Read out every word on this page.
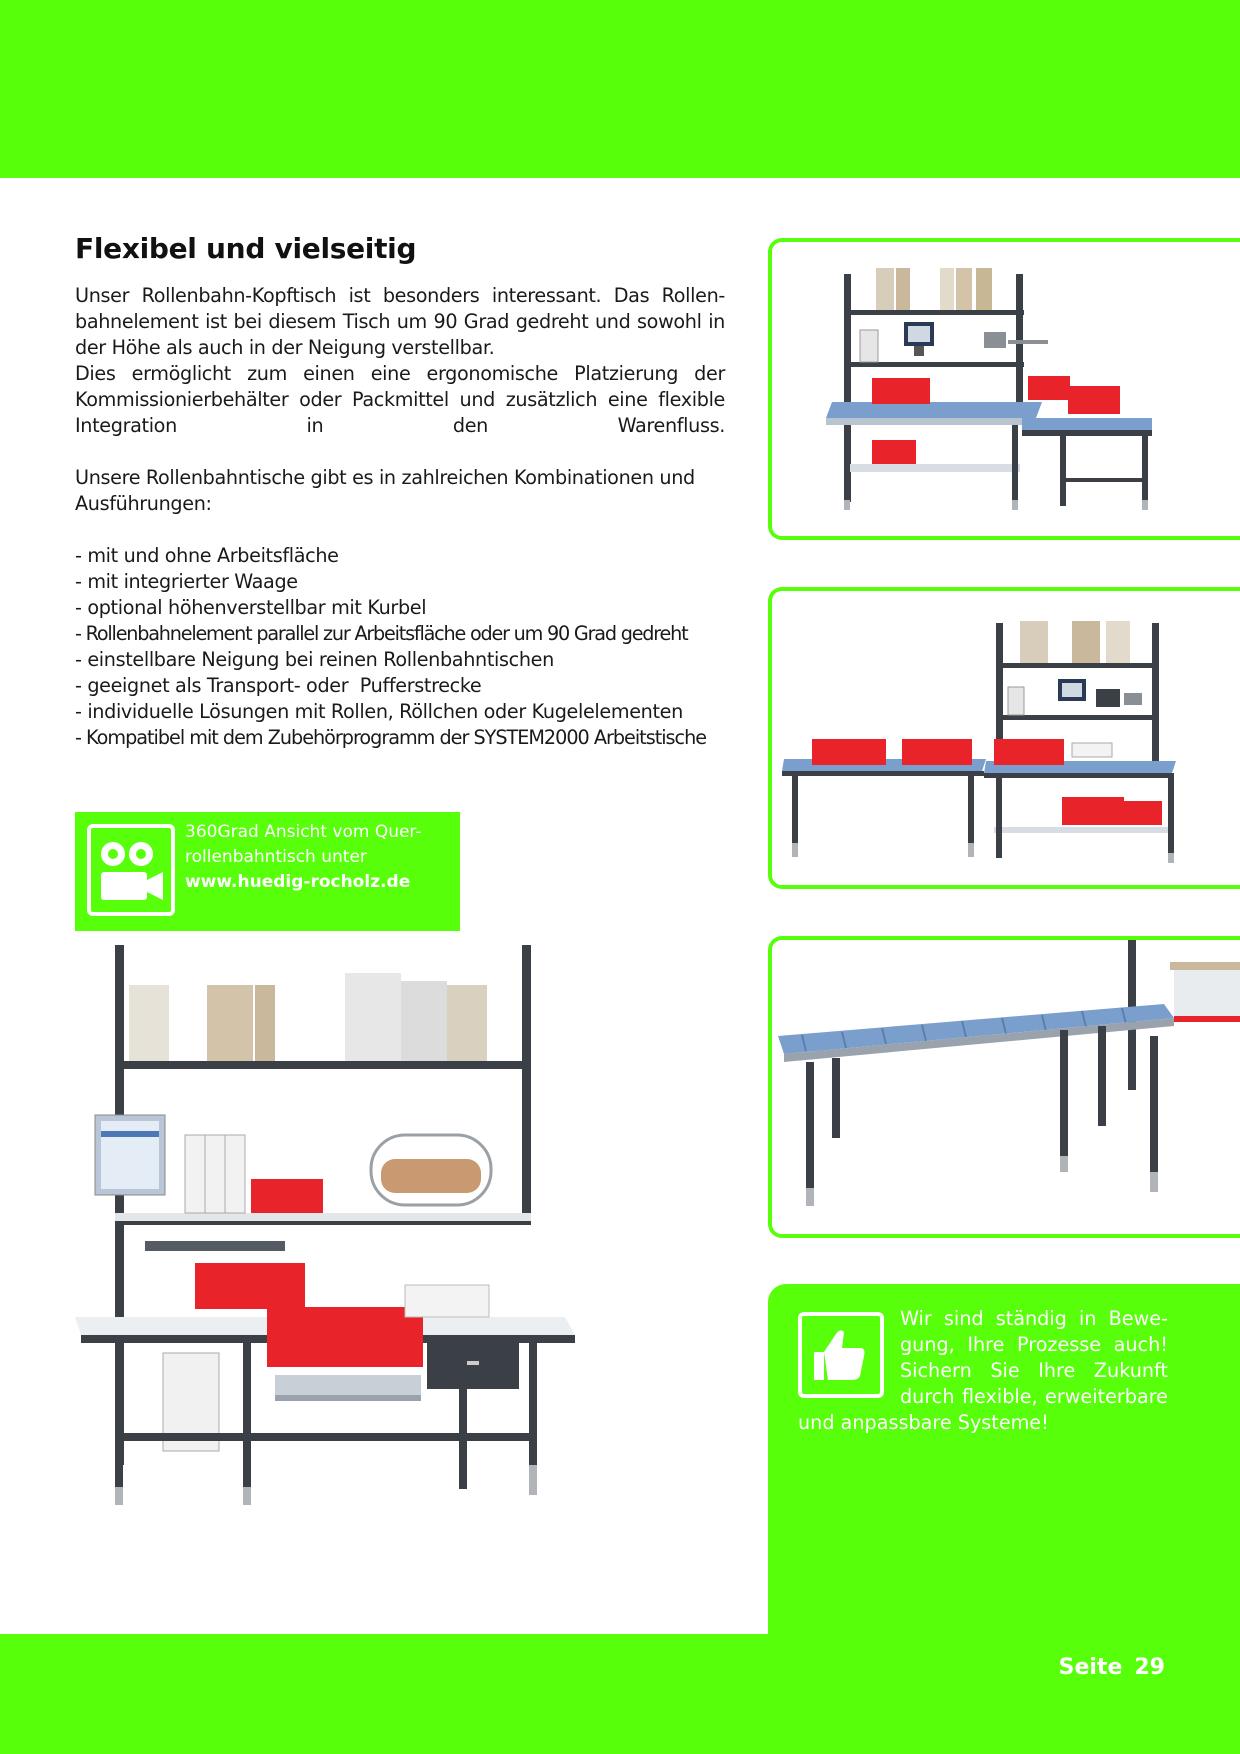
Flexibel und vielseitig

Unser Rollenbahn-Kopftisch ist besonders interessant. Das Rollen-bahnelement ist bei diesem Tisch um 90 Grad gedreht und sowohl in der Höhe als auch in der Neigung verstellbar.

Dies ermöglicht zum einen eine ergonomische Platzierung der Kommissionierbehälter oder Packmittel und zusätzlich eine flexible Integration in den Warenfluss.

Unsere Rollenbahntische gibt es in zahlreichen Kombinationen und Ausführungen:

- mit und ohne Arbeitsfläche
- mit integrierter Waage
- optional höhenverstellbar mit Kurbel
- Rollenbahnelement parallel zur Arbeitsfläche oder um 90 Grad gedreht
- einstellbare Neigung bei reinen Rollenbahntischen
- geeignet als Transport- oder  Pufferstrecke
- individuelle Lösungen mit Rollen, Röllchen oder Kugelelementen
- Kompatibel mit dem Zubehörprogramm der SYSTEM2000 Arbeitstische
360Grad Ansicht vom Quer-
rollenbahntisch unter
www.huedig-rocholz.de

Wir sind ständig in Bewe-gung, Ihre Prozesse auch! Sichern Sie Ihre Zukunft durch flexible, erweiterbare und anpassbare Systeme!

Seite 29
